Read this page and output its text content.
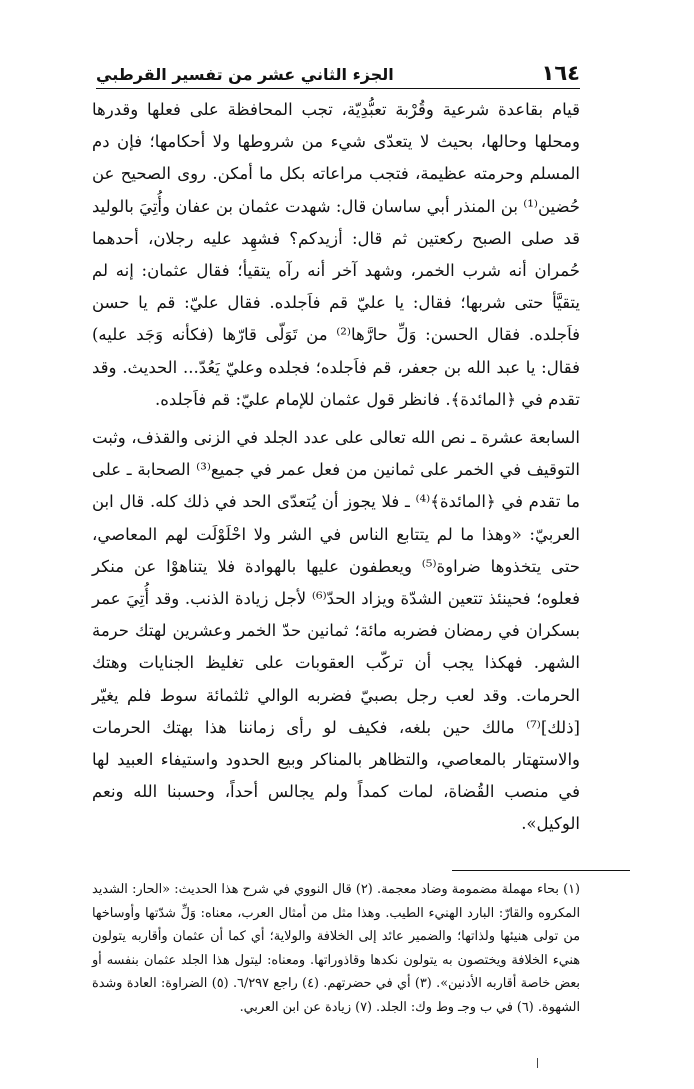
١٦٤
الجزء الثاني عشر من تفسير القرطبي

قيام بقاعدة شرعية وقُرْبة تعبُّدِيّة، تجب المحافظة على فعلها وقدرها ومحلها وحالها، بحيث لا يتعدّى شيء من شروطها ولا أحكامها؛ فإن دم المسلم وحرمته عظيمة، فتجب مراعاته بكل ما أمكن. روى الصحيح عن حُضين⁽¹⁾ بن المنذر أبي ساسان قال: شهدت عثمان بن عفان وأُتِيَ بالوليد قد صلى الصبح ركعتين ثم قال: أزيدكم؟ فشهِد عليه رجلان، أحدهما حُمران أنه شرب الخمر، وشهد آخر أنه رآه يتقيأ؛ فقال عثمان: إنه لم يتقيَّأ حتى شربها؛ فقال: يا عليّ قم فاَجلده. فقال عليّ: قم يا حسن فاَجلده. فقال الحسن: وَلِّ حارَّها⁽²⁾ من تَوَلّى قارّها (فكأنه وَجَد عليه) فقال: يا عبد الله بن جعفر، قم فاَجلده؛ فجلده وعليّ يَعُدّ... الحديث. وقد تقدم في ﴿المائدة﴾. فانظر قول عثمان للإمام عليّ: قم فاَجلده.

السابعة عشرة ـ نص الله تعالى على عدد الجلد في الزنى والقذف، وثبت التوقيف في الخمر على ثمانين من فعل عمر في جميع⁽³⁾ الصحابة ـ على ما تقدم في ﴿المائدة﴾⁽⁴⁾ ـ فلا يجوز أن يُتعدّى الحد في ذلك كله. قال ابن العربيّ: «وهذا ما لم يتتابع الناس في الشر ولا احْلَوْلَت لهم المعاصي، حتى يتخذوها ضراوة⁽⁵⁾ ويعطفون عليها بالهوادة فلا يتناهوْا عن منكر فعلوه؛ فحينئذ تتعين الشدّة ويزاد الحدّ⁽⁶⁾ لأجل زيادة الذنب. وقد أُتِيَ عمر بسكران في رمضان فضربه مائة؛ ثمانين حدّ الخمر وعشرين لهتك حرمة الشهر. فهكذا يجب أن تركّب العقوبات على تغليظ الجنايات وهتك الحرمات. وقد لعب رجل بصبيّ فضربه الوالي ثلثمائة سوط فلم يغيّر [ذلك]⁽⁷⁾ مالك حين بلغه، فكيف لو رأى زماننا هذا بهتك الحرمات والاستهتار بالمعاصي، والتظاهر بالمناكر وبيع الحدود واستيفاء العبيد لها في منصب القُضاة، لمات كمداً ولم يجالس أحداً، وحسبنا الله ونعم الوكيل».

(١) بحاء مهملة مضمومة وضاد معجمة. (٢) قال النووي في شرح هذا الحديث: «الحار: الشديد المكروه والقارّ: البارد الهنيء الطيب. وهذا مثل من أمثال العرب، معناه: وَلِّ شدّتها وأوساخها من تولى هنيئها ولذاتها؛ والضمير عائد إلى الخلافة والولاية؛ أي كما أن عثمان وأقاربه يتولون هنيء الخلافة ويختصون به يتولون نكدها وقاذوراتها. ومعناه: ليتول هذا الجلد عثمان بنفسه أو بعض خاصة أقاربه الأدنين». (٣) أي في حضرتهم. (٤) راجع ٦/٢٩٧. (٥) الضراوة: العادة وشدة الشهوة. (٦) في ب وجـ وط وك: الجلد. (٧) زيادة عن ابن العربي.
